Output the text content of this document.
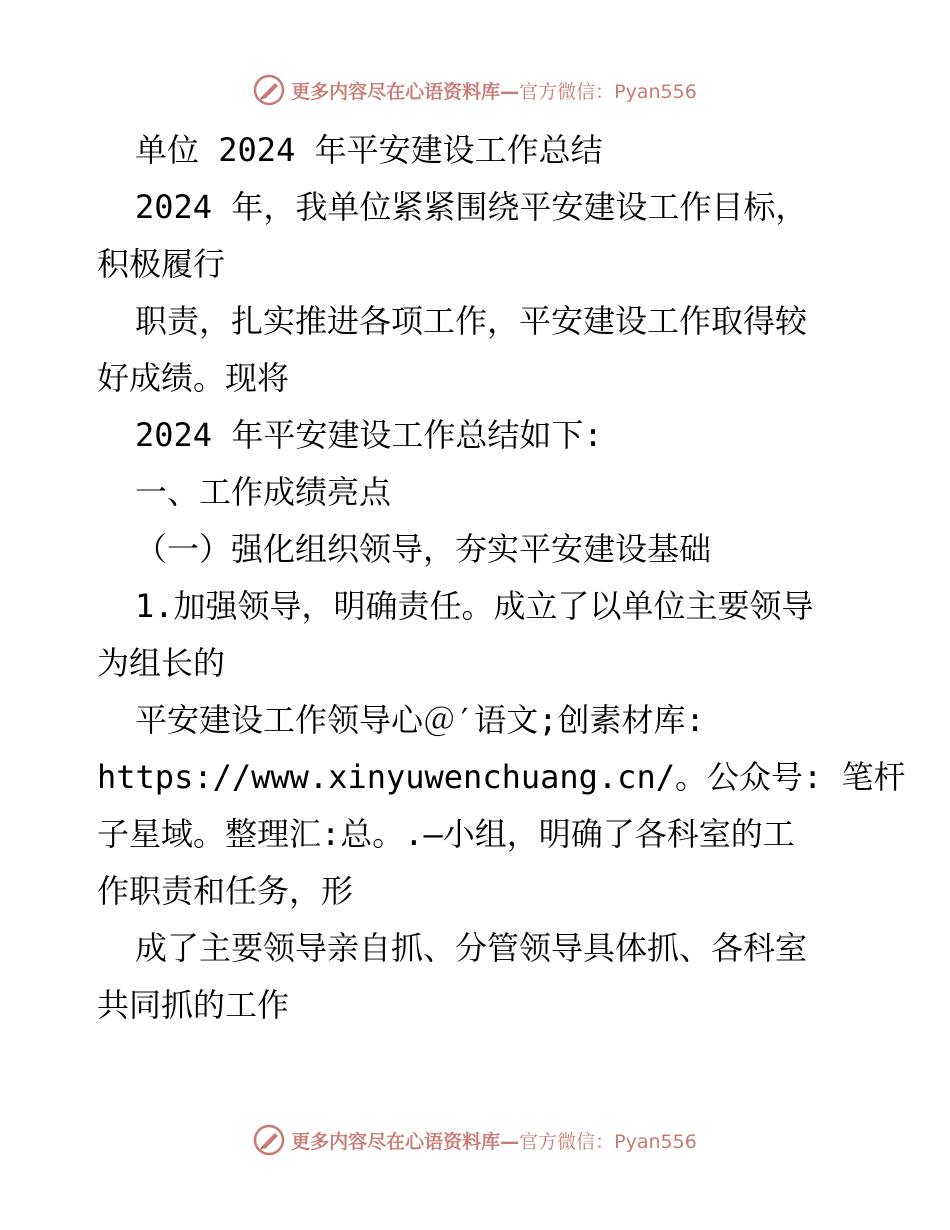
更多内容尽在心语资料库—官方微信：Pyan556
单位 2024 年平安建设工作总结
2024 年，我单位紧紧围绕平安建设工作目标，
积极履行
职责，扎实推进各项工作，平安建设工作取得较
好成绩。现将
2024 年平安建设工作总结如下:
一、工作成绩亮点
（一）强化组织领导，夯实平安建设基础
1.加强领导，明确责任。成立了以单位主要领导
为组长的
平安建设工作领导心＠′语文;创素材库:
https://www.xinyuwenchuang.cn/。公众号: 笔杆
子星域。整理汇:总。.—小组，明确了各科室的工
作职责和任务，形
成了主要领导亲自抓、分管领导具体抓、各科室
共同抓的工作
更多内容尽在心语资料库—官方微信：Pyan556
